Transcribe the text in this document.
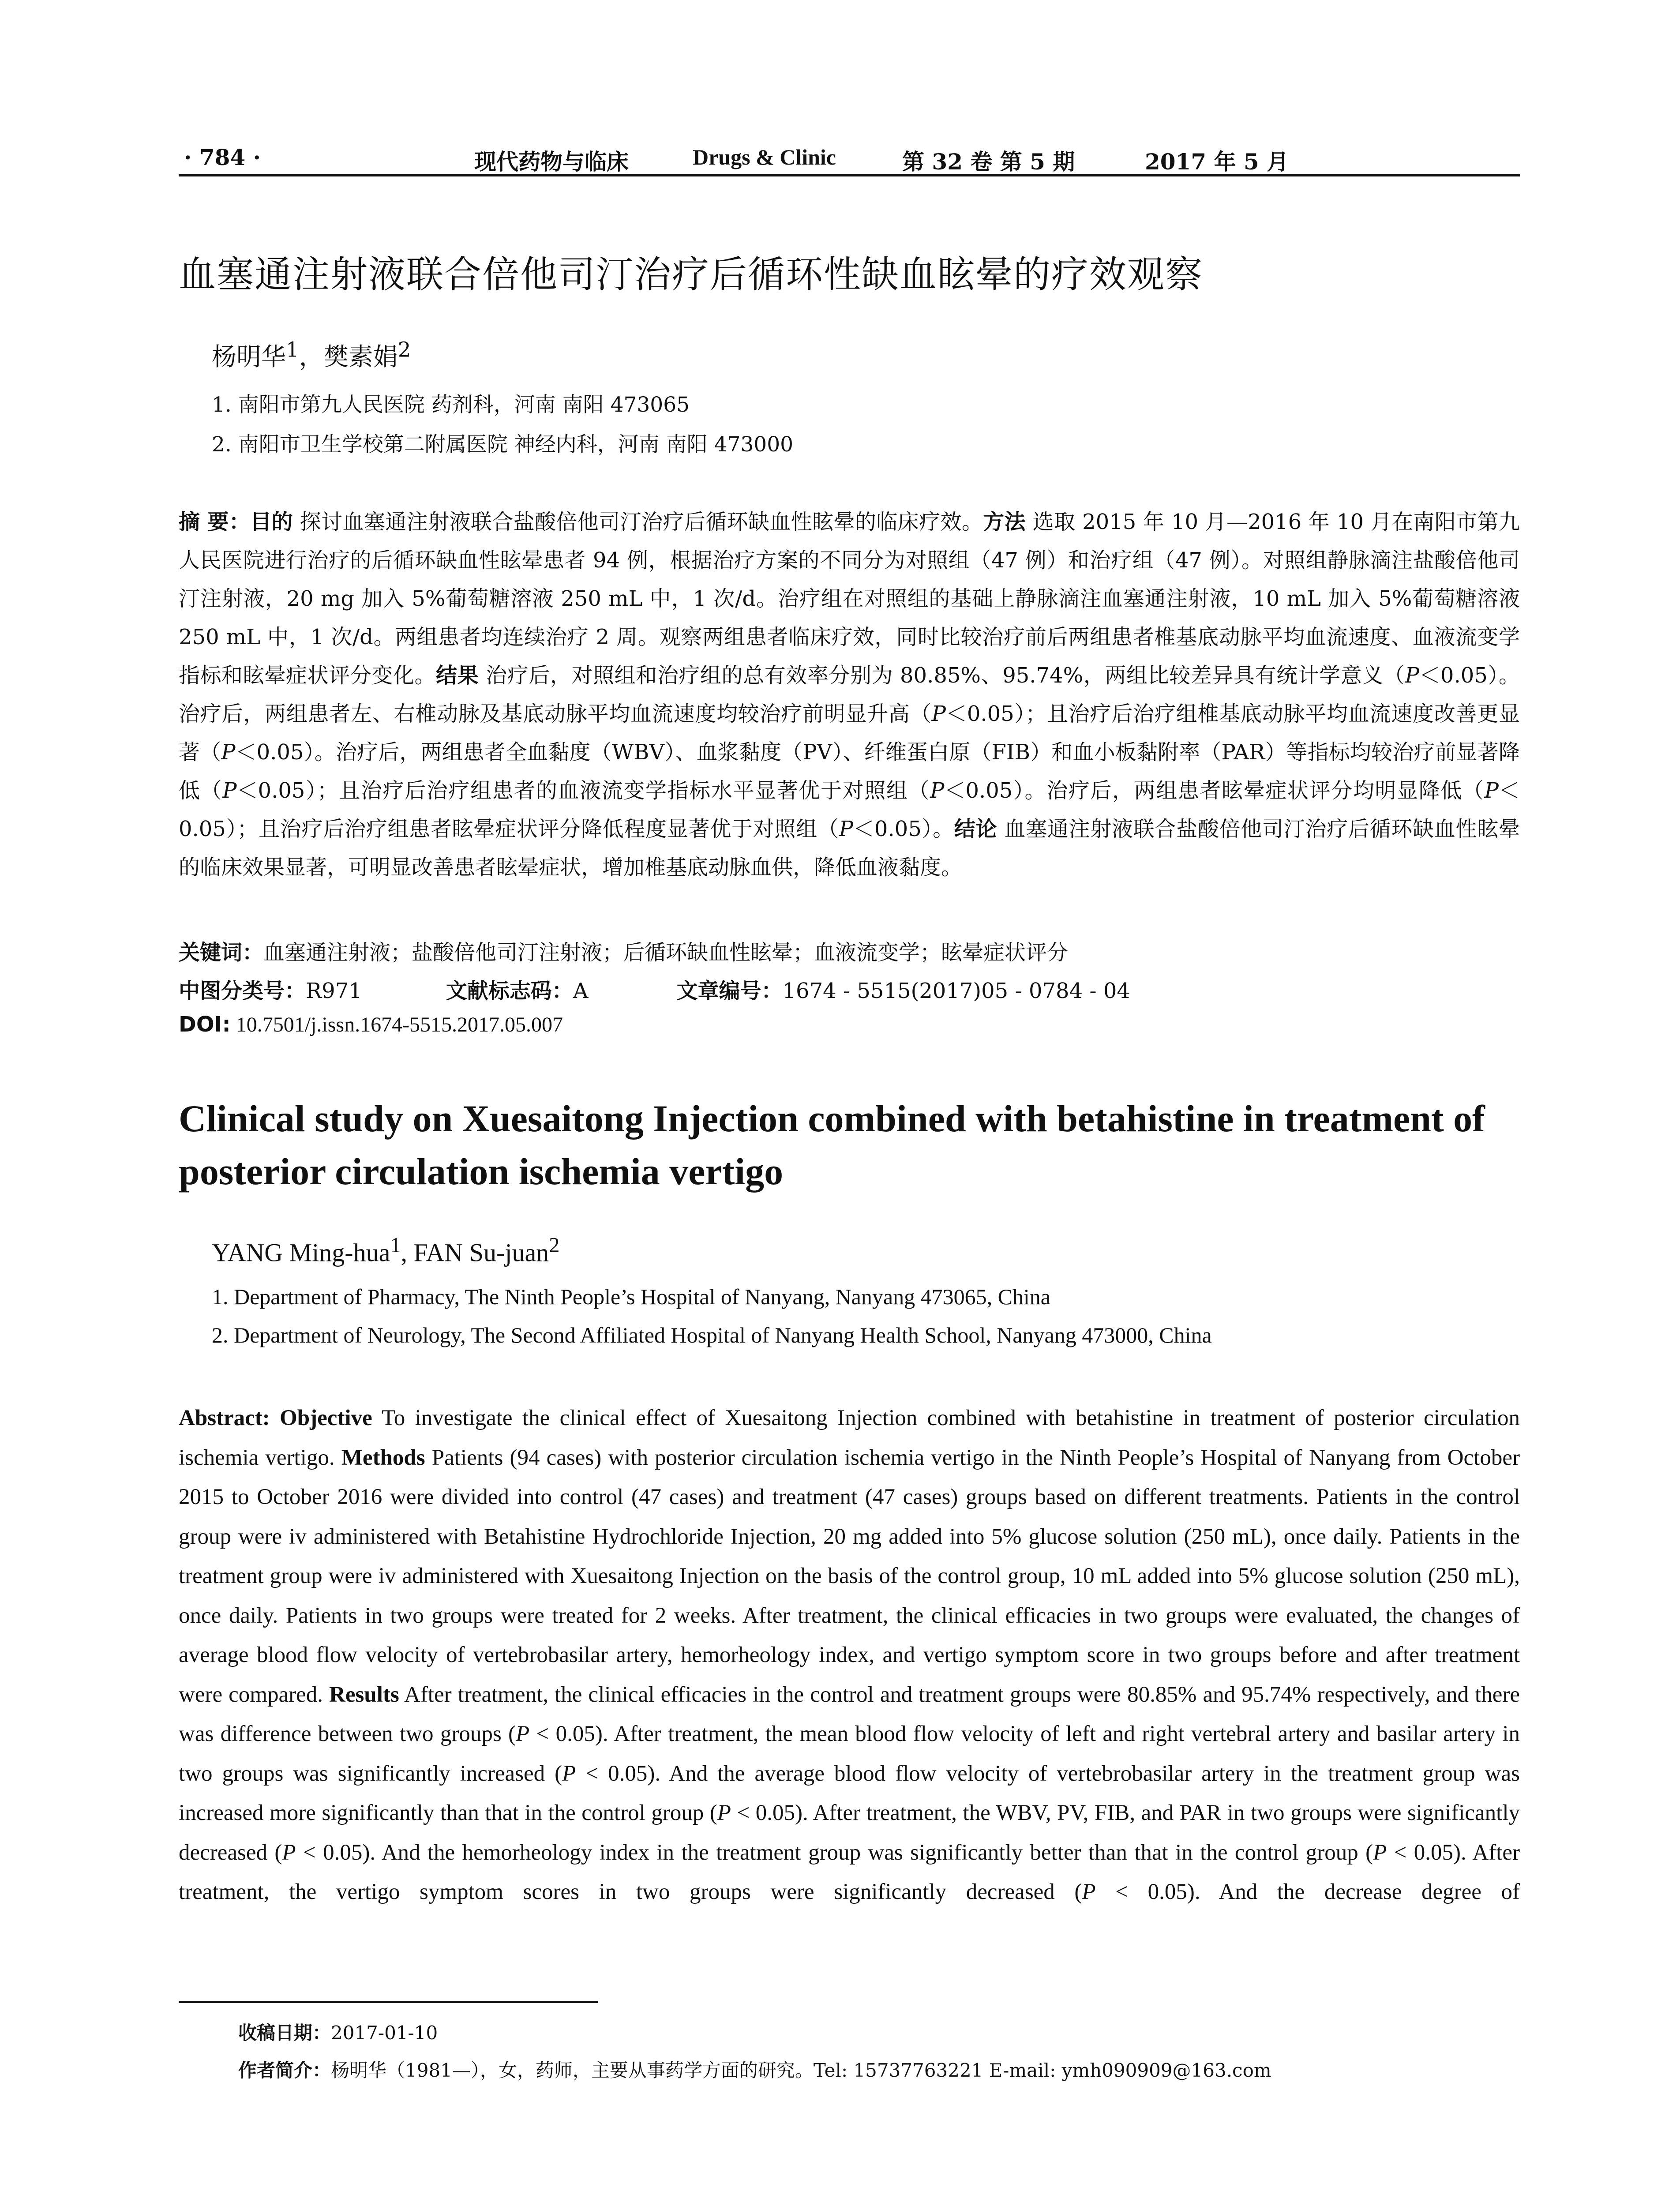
· 784 ·	现代药物与临床	Drugs & Clinic	第 32 卷 第 5 期	2017 年 5 月
血塞通注射液联合倍他司汀治疗后循环性缺血眩晕的疗效观察
杨明华$^1$，樊素娟$^2$
1. 南阳市第九人民医院 药剂科，河南 南阳 473065
2. 南阳市卫生学校第二附属医院 神经内科，河南 南阳 473000
摘 要：目的 探讨血塞通注射液联合盐酸倍他司汀治疗后循环缺血性眩晕的临床疗效。方法 选取 2015 年 10 月—2016 年 10 月在南阳市第九人民医院进行治疗的后循环缺血性眩晕患者 94 例，根据治疗方案的不同分为对照组（47 例）和治疗组（47 例）。对照组静脉滴注盐酸倍他司汀注射液，20 mg 加入 5%葡萄糖溶液 250 mL 中，1 次/d。治疗组在对照组的基础上静脉滴注血塞通注射液，10 mL 加入 5%葡萄糖溶液 250 mL 中，1 次/d。两组患者均连续治疗 2 周。观察两组患者临床疗效，同时比较治疗前后两组患者椎基底动脉平均血流速度、血液流变学指标和眩晕症状评分变化。结果 治疗后，对照组和治疗组的总有效率分别为 80.85%、95.74%，两组比较差异具有统计学意义（P＜0.05）。治疗后，两组患者左、右椎动脉及基底动脉平均血流速度均较治疗前明显升高（P＜0.05）；且治疗后治疗组椎基底动脉平均血流速度改善更显著（P＜0.05）。治疗后，两组患者全血黏度（WBV）、血浆黏度（PV）、纤维蛋白原（FIB）和血小板黏附率（PAR）等指标均较治疗前显著降低（P＜0.05）；且治疗后治疗组患者的血液流变学指标水平显著优于对照组（P＜0.05）。治疗后，两组患者眩晕症状评分均明显降低（P＜0.05）；且治疗后治疗组患者眩晕症状评分降低程度显著优于对照组（P＜0.05）。结论 血塞通注射液联合盐酸倍他司汀治疗后循环缺血性眩晕的临床效果显著，可明显改善患者眩晕症状，增加椎基底动脉血供，降低血液黏度。
关键词：血塞通注射液；盐酸倍他司汀注射液；后循环缺血性眩晕；血液流变学；眩晕症状评分
中图分类号：R971	文献标志码：A	文章编号：1674 - 5515(2017)05 - 0784 - 04
DOI: 10.7501/j.issn.1674-5515.2017.05.007
Clinical study on Xuesaitong Injection combined with betahistine in treatment of posterior circulation ischemia vertigo
YANG Ming-hua$^1$, FAN Su-juan$^2$
1. Department of Pharmacy, The Ninth People’s Hospital of Nanyang, Nanyang 473065, China
2. Department of Neurology, The Second Affiliated Hospital of Nanyang Health School, Nanyang 473000, China
Abstract: Objective To investigate the clinical effect of Xuesaitong Injection combined with betahistine in treatment of posterior circulation ischemia vertigo. Methods Patients (94 cases) with posterior circulation ischemia vertigo in the Ninth People’s Hospital of Nanyang from October 2015 to October 2016 were divided into control (47 cases) and treatment (47 cases) groups based on different treatments. Patients in the control group were iv administered with Betahistine Hydrochloride Injection, 20 mg added into 5% glucose solution (250 mL), once daily. Patients in the treatment group were iv administered with Xuesaitong Injection on the basis of the control group, 10 mL added into 5% glucose solution (250 mL), once daily. Patients in two groups were treated for 2 weeks. After treatment, the clinical efficacies in two groups were evaluated, the changes of average blood flow velocity of vertebrobasilar artery, hemorheology index, and vertigo symptom score in two groups before and after treatment were compared. Results After treatment, the clinical efficacies in the control and treatment groups were 80.85% and 95.74% respectively, and there was difference between two groups (P < 0.05). After treatment, the mean blood flow velocity of left and right vertebral artery and basilar artery in two groups was significantly increased (P < 0.05). And the average blood flow velocity of vertebrobasilar artery in the treatment group was increased more significantly than that in the control group (P < 0.05). After treatment, the WBV, PV, FIB, and PAR in two groups were significantly decreased (P < 0.05). And the hemorheology index in the treatment group was significantly better than that in the control group (P < 0.05). After treatment, the vertigo symptom scores in two groups were significantly decreased (P < 0.05). And the decrease degree of
收稿日期：2017-01-10
作者简介：杨明华（1981—），女，药师，主要从事药学方面的研究。Tel: 15737763221 E-mail: ymh090909@163.com
